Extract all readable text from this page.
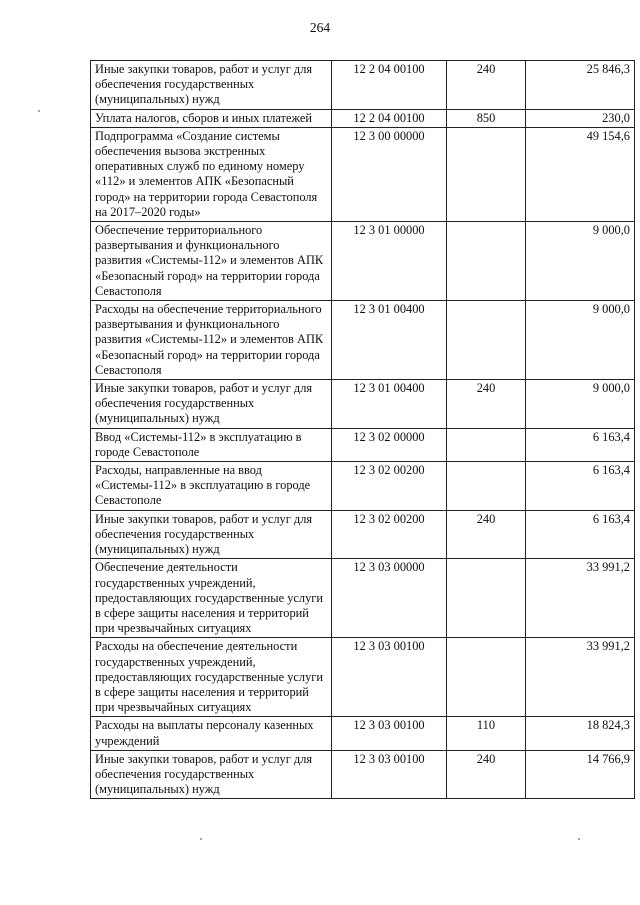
264
Иные закупки товаров, работ и услуг для обеспечения государственных (муниципальных) нужд	12 2 04 00100	240	25 846,3
Уплата налогов, сборов и иных платежей	12 2 04 00100	850	230,0
Подпрограмма «Создание системы обеспечения вызова экстренных оперативных служб по единому номеру «112» и элементов АПК «Безопасный город» на территории города Севастополя на 2017–2020 годы»	12 3 00 00000		49 154,6
Обеспечение территориального развертывания и функционального развития «Системы-112» и элементов АПК «Безопасный город» на территории города Севастополя	12 3 01 00000		9 000,0
Расходы на обеспечение территориального развертывания и функционального развития «Системы-112» и элементов АПК «Безопасный город» на территории города Севастополя	12 3 01 00400		9 000,0
Иные закупки товаров, работ и услуг для обеспечения государственных (муниципальных) нужд	12 3 01 00400	240	9 000,0
Ввод «Системы-112» в эксплуатацию в городе Севастополе	12 3 02 00000		6 163,4
Расходы, направленные на ввод «Системы-112» в эксплуатацию в городе Севастополе	12 3 02 00200		6 163,4
Иные закупки товаров, работ и услуг для обеспечения государственных (муниципальных) нужд	12 3 02 00200	240	6 163,4
Обеспечение деятельности государственных учреждений, предоставляющих государственные услуги в сфере защиты населения и территорий при чрезвычайных ситуациях	12 3 03 00000		33 991,2
Расходы на обеспечение деятельности государственных учреждений, предоставляющих государственные услуги в сфере защиты населения и территорий при чрезвычайных ситуациях	12 3 03 00100		33 991,2
Расходы на выплаты персоналу казенных учреждений	12 3 03 00100	110	18 824,3
Иные закупки товаров, работ и услуг для обеспечения государственных (муниципальных) нужд	12 3 03 00100	240	14 766,9
